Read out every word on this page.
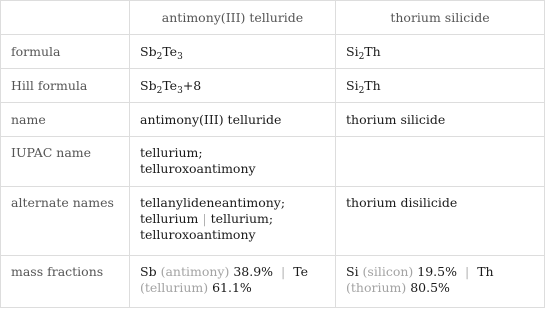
	antimony(III) telluride	thorium silicide
formula	$Sb_2Te_3$	$Si_2Th$
Hill formula	$Sb_2Te_3+8$	$Si_2Th$
name	antimony(III) telluride	thorium silicide
IUPAC name	tellurium;
telluroxoantimony	
alternate names	tellanylideneantimony;
tellurium | tellurium;
telluroxoantimony	thorium disilicide
mass fractions	Sb (antimony) 38.9% | Te
(tellurium) 61.1%	Si (silicon) 19.5% | Th
(thorium) 80.5%
